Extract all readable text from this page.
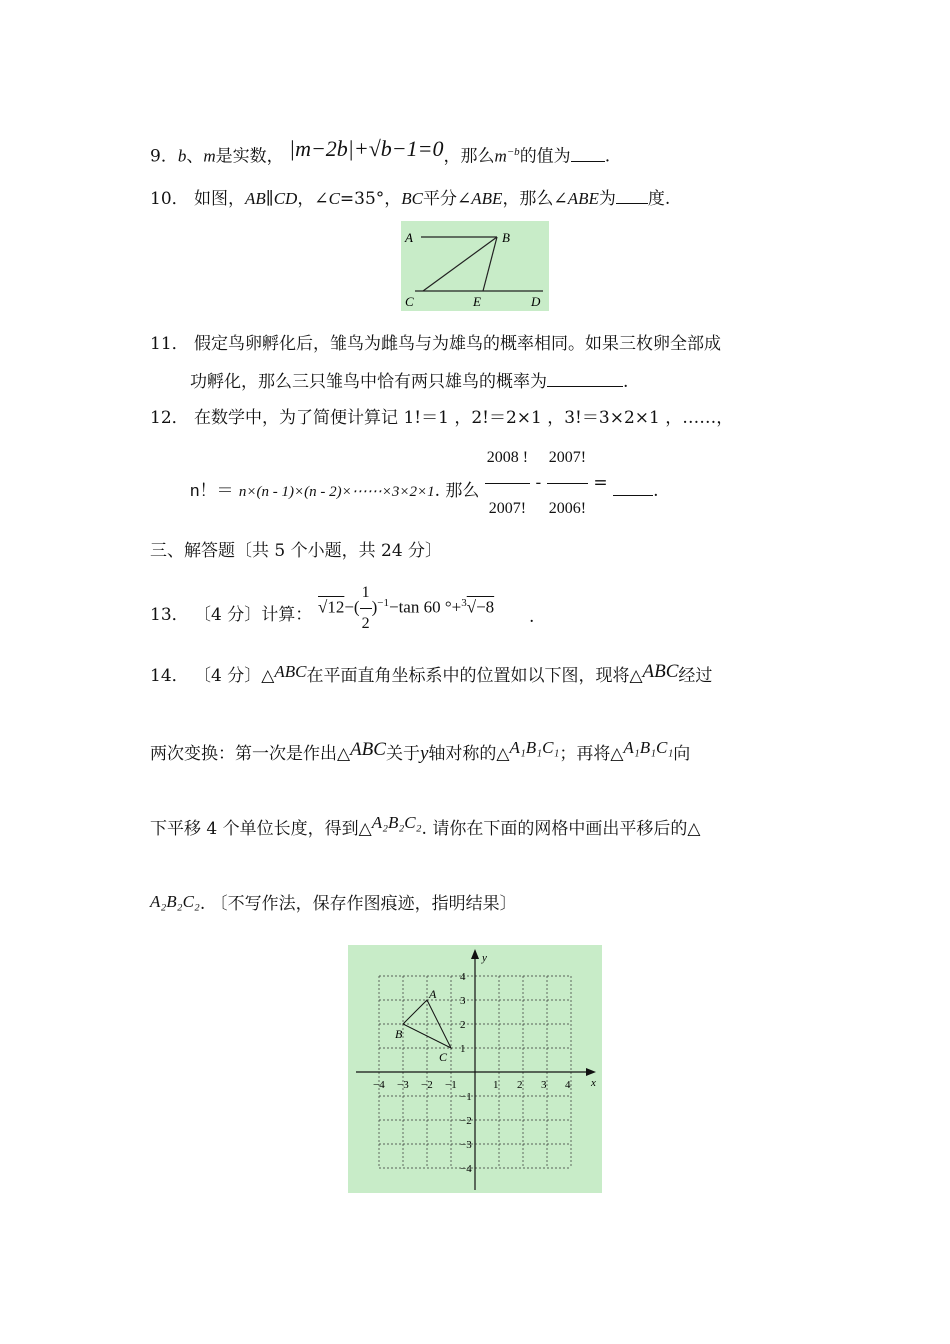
9．b、m是实数， |m−2b|+√b−1=0，那么$m^{-b}$的值为 .
10． 如图，AB∥CD，∠C=35°，BC平分∠ABE，那么∠ABE为 度.
A	B
C	E	D
11． 假定鸟卵孵化后，雏鸟为雌鸟与为雄鸟的概率相同。如果三枚卵全部成
功孵化，那么三只雏鸟中恰有两只雄鸟的概率为	.
12． 在数学中，为了简便计算记 1!＝1 ，2!＝2×1 ，3!＝3×2×1 ，……，
n！＝ n×(n - 1)×(n - 2)×⋯⋯×3×2×1. 那么 $\frac{2008 !}{2007!} - \frac{2007!}{2006!}$ =	.
三、解答题〔共 5 个小题，共 24 分〕
13． 〔4 分〕计算： $√12-( \frac{1}{2} )^{-1}-\tan$ 60 °+$^3$√−8
.
14． 〔4 分〕△ABC在平面直角坐标系中的位置如以下图，现将△ABC经过
两次变换：第一次是作出△ABC关于y轴对称的△A₁B₁C₁；再将△A₁B₁C₁向
下平移 4 个单位长度，得到△A₂B₂C₂. 请你在下面的网格中画出平移后的△
A₂B₂C₂. 〔不写作法，保存作图痕迹，指明结果〕
x
y
−4 −3 −2 −1	1 2 3 4
4
3
2
1
−1
−2
−3
−4
A
B
C
